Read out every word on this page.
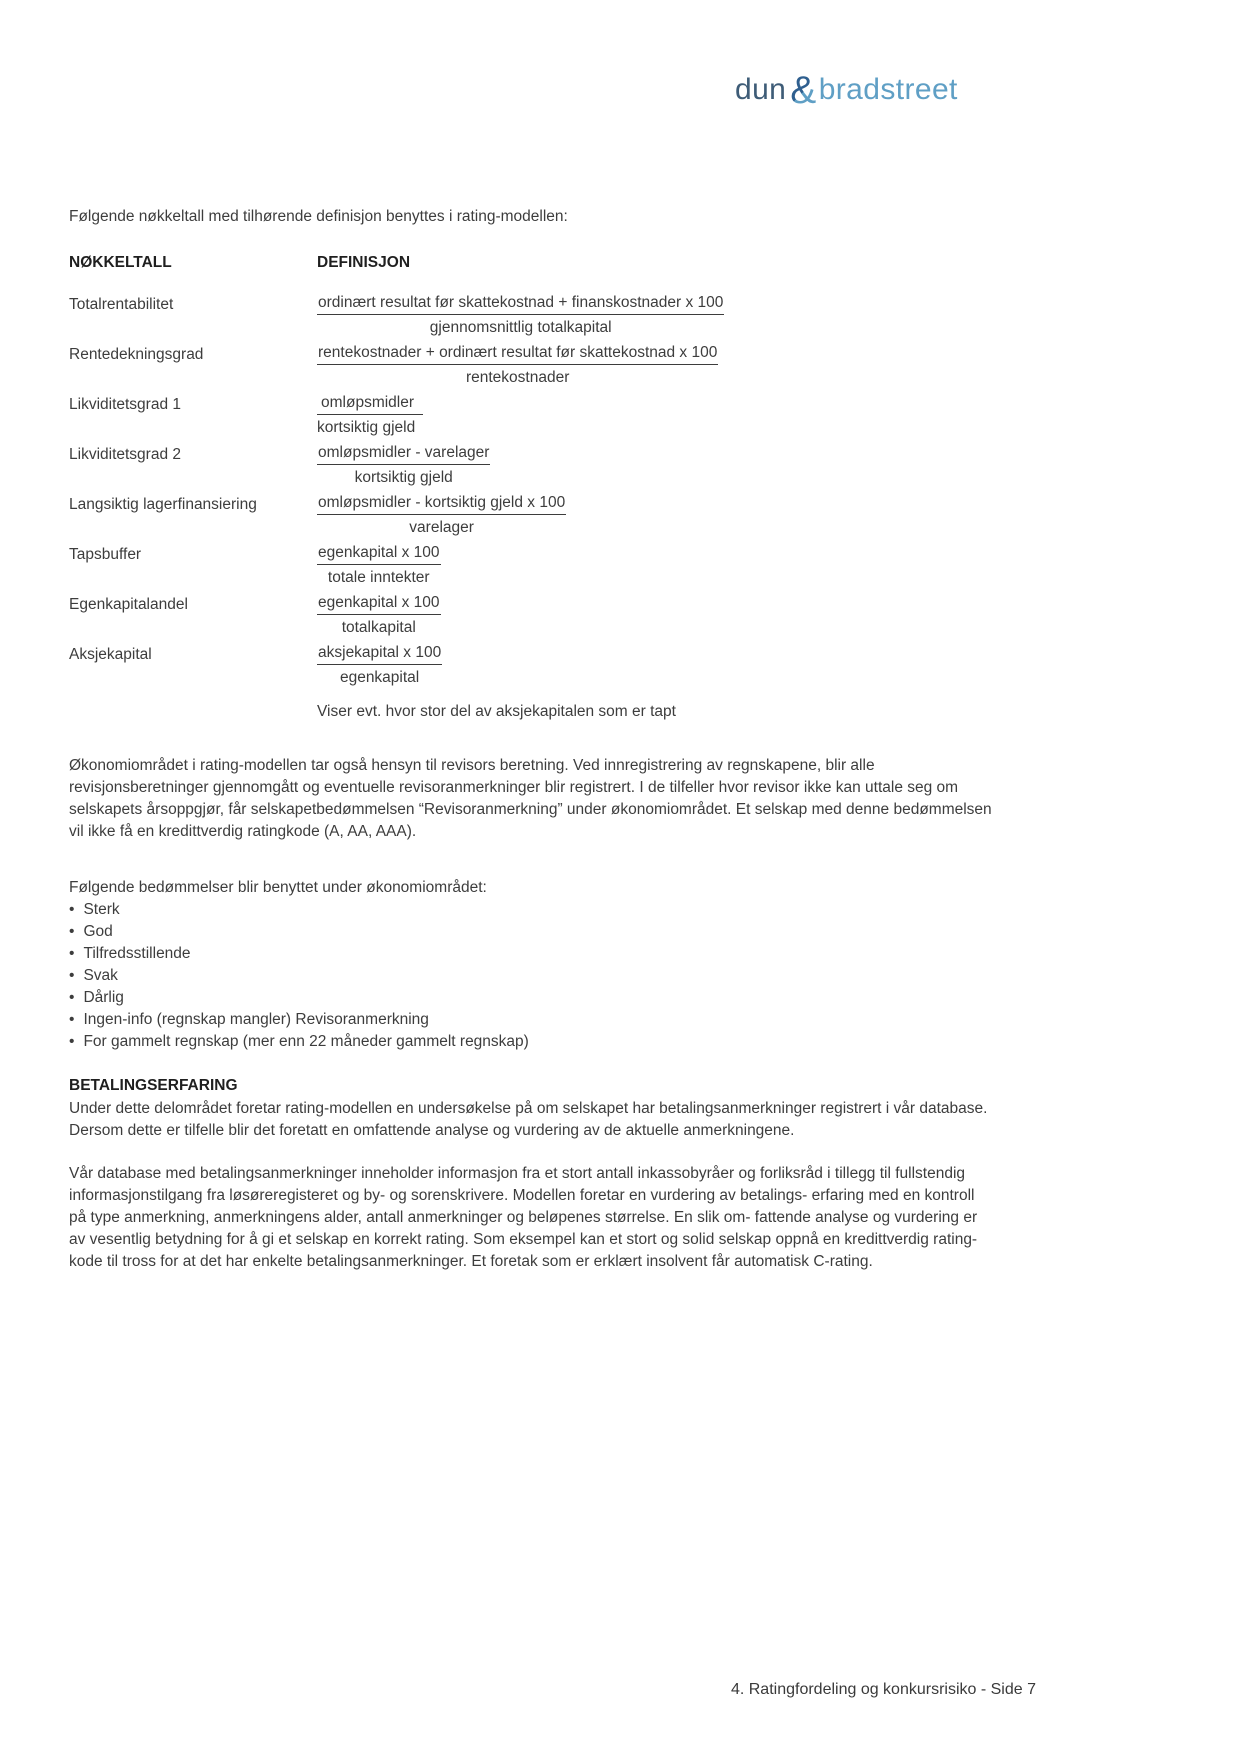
dun &bradstreet

Følgende nøkkeltall med tilhørende definisjon benyttes i rating-modellen:

NØKKELTALL	DEFINISJON
Totalrentabilitet	$\frac{\text{ordinært resultat før skattekostnad + finanskostnader x 100}}{\text{gjennomsnittlig totalkapital}}$
Rentedekningsgrad	$\frac{\text{rentekostnader + ordinært resultat før skattekostnad x 100}}{\text{rentekostnader}}$
Likviditetsgrad 1	$\frac{\text{omløpsmidler}}{\text{kortsiktig gjeld}}$
Likviditetsgrad 2	$\frac{\text{omløpsmidler - varelager}}{\text{kortsiktig gjeld}}$
Langsiktig lagerfinansiering	$\frac{\text{omløpsmidler - kortsiktig gjeld x 100}}{\text{varelager}}$
Tapsbuffer	$\frac{\text{egenkapital x 100}}{\text{totale inntekter}}$
Egenkapitalandel	$\frac{\text{egenkapital x 100}}{\text{totalkapital}}$
Aksjekapital	$\frac{\text{aksjekapital x 100}}{\text{egenkapital}}$
Viser evt. hvor stor del av aksjekapitalen som er tapt

Økonomiområdet i rating-modellen tar også hensyn til revisors beretning. Ved innregistrering av regnskapene, blir alle revisjonsberetninger gjennomgått og eventuelle revisoranmerkninger blir registrert. I de tilfeller hvor revisor ikke kan uttale seg om selskapets årsoppgjør, får selskapetbedømmelsen “Revisoranmerkning” under økonomiområdet. Et selskap med denne bedømmelsen vil ikke få en kredittverdig ratingkode (A, AA, AAA).

Følgende bedømmelser blir benyttet under økonomiområdet:

• Sterk
• God
• Tilfredsstillende
• Svak
• Dårlig
• Ingen-info (regnskap mangler) Revisoranmerkning
• For gammelt regnskap (mer enn 22 måneder gammelt regnskap)
BETALINGSERFARING

Under dette delområdet foretar rating-modellen en undersøkelse på om selskapet har betalingsanmerkninger registrert i vår database. Dersom dette er tilfelle blir det foretatt en omfattende analyse og vurdering av de aktuelle anmerkningene.

Vår database med betalingsanmerkninger inneholder informasjon fra et stort antall inkassobyråer og forliksråd i tillegg til fullstendig informasjonstilgang fra løsøreregisteret og by- og sorenskrivere. Modellen foretar en vurdering av betalings- erfaring med en kontroll på type anmerkning, anmerkningens alder, antall anmerkninger og beløpenes størrelse. En slik om- fattende analyse og vurdering er av vesentlig betydning for å gi et selskap en korrekt rating. Som eksempel kan et stort og solid selskap oppnå en kredittverdig rating-kode til tross for at det har enkelte betalingsanmerkninger. Et foretak som er erklært insolvent får automatisk C-rating.

4. Ratingfordeling og konkursrisiko - Side 7
